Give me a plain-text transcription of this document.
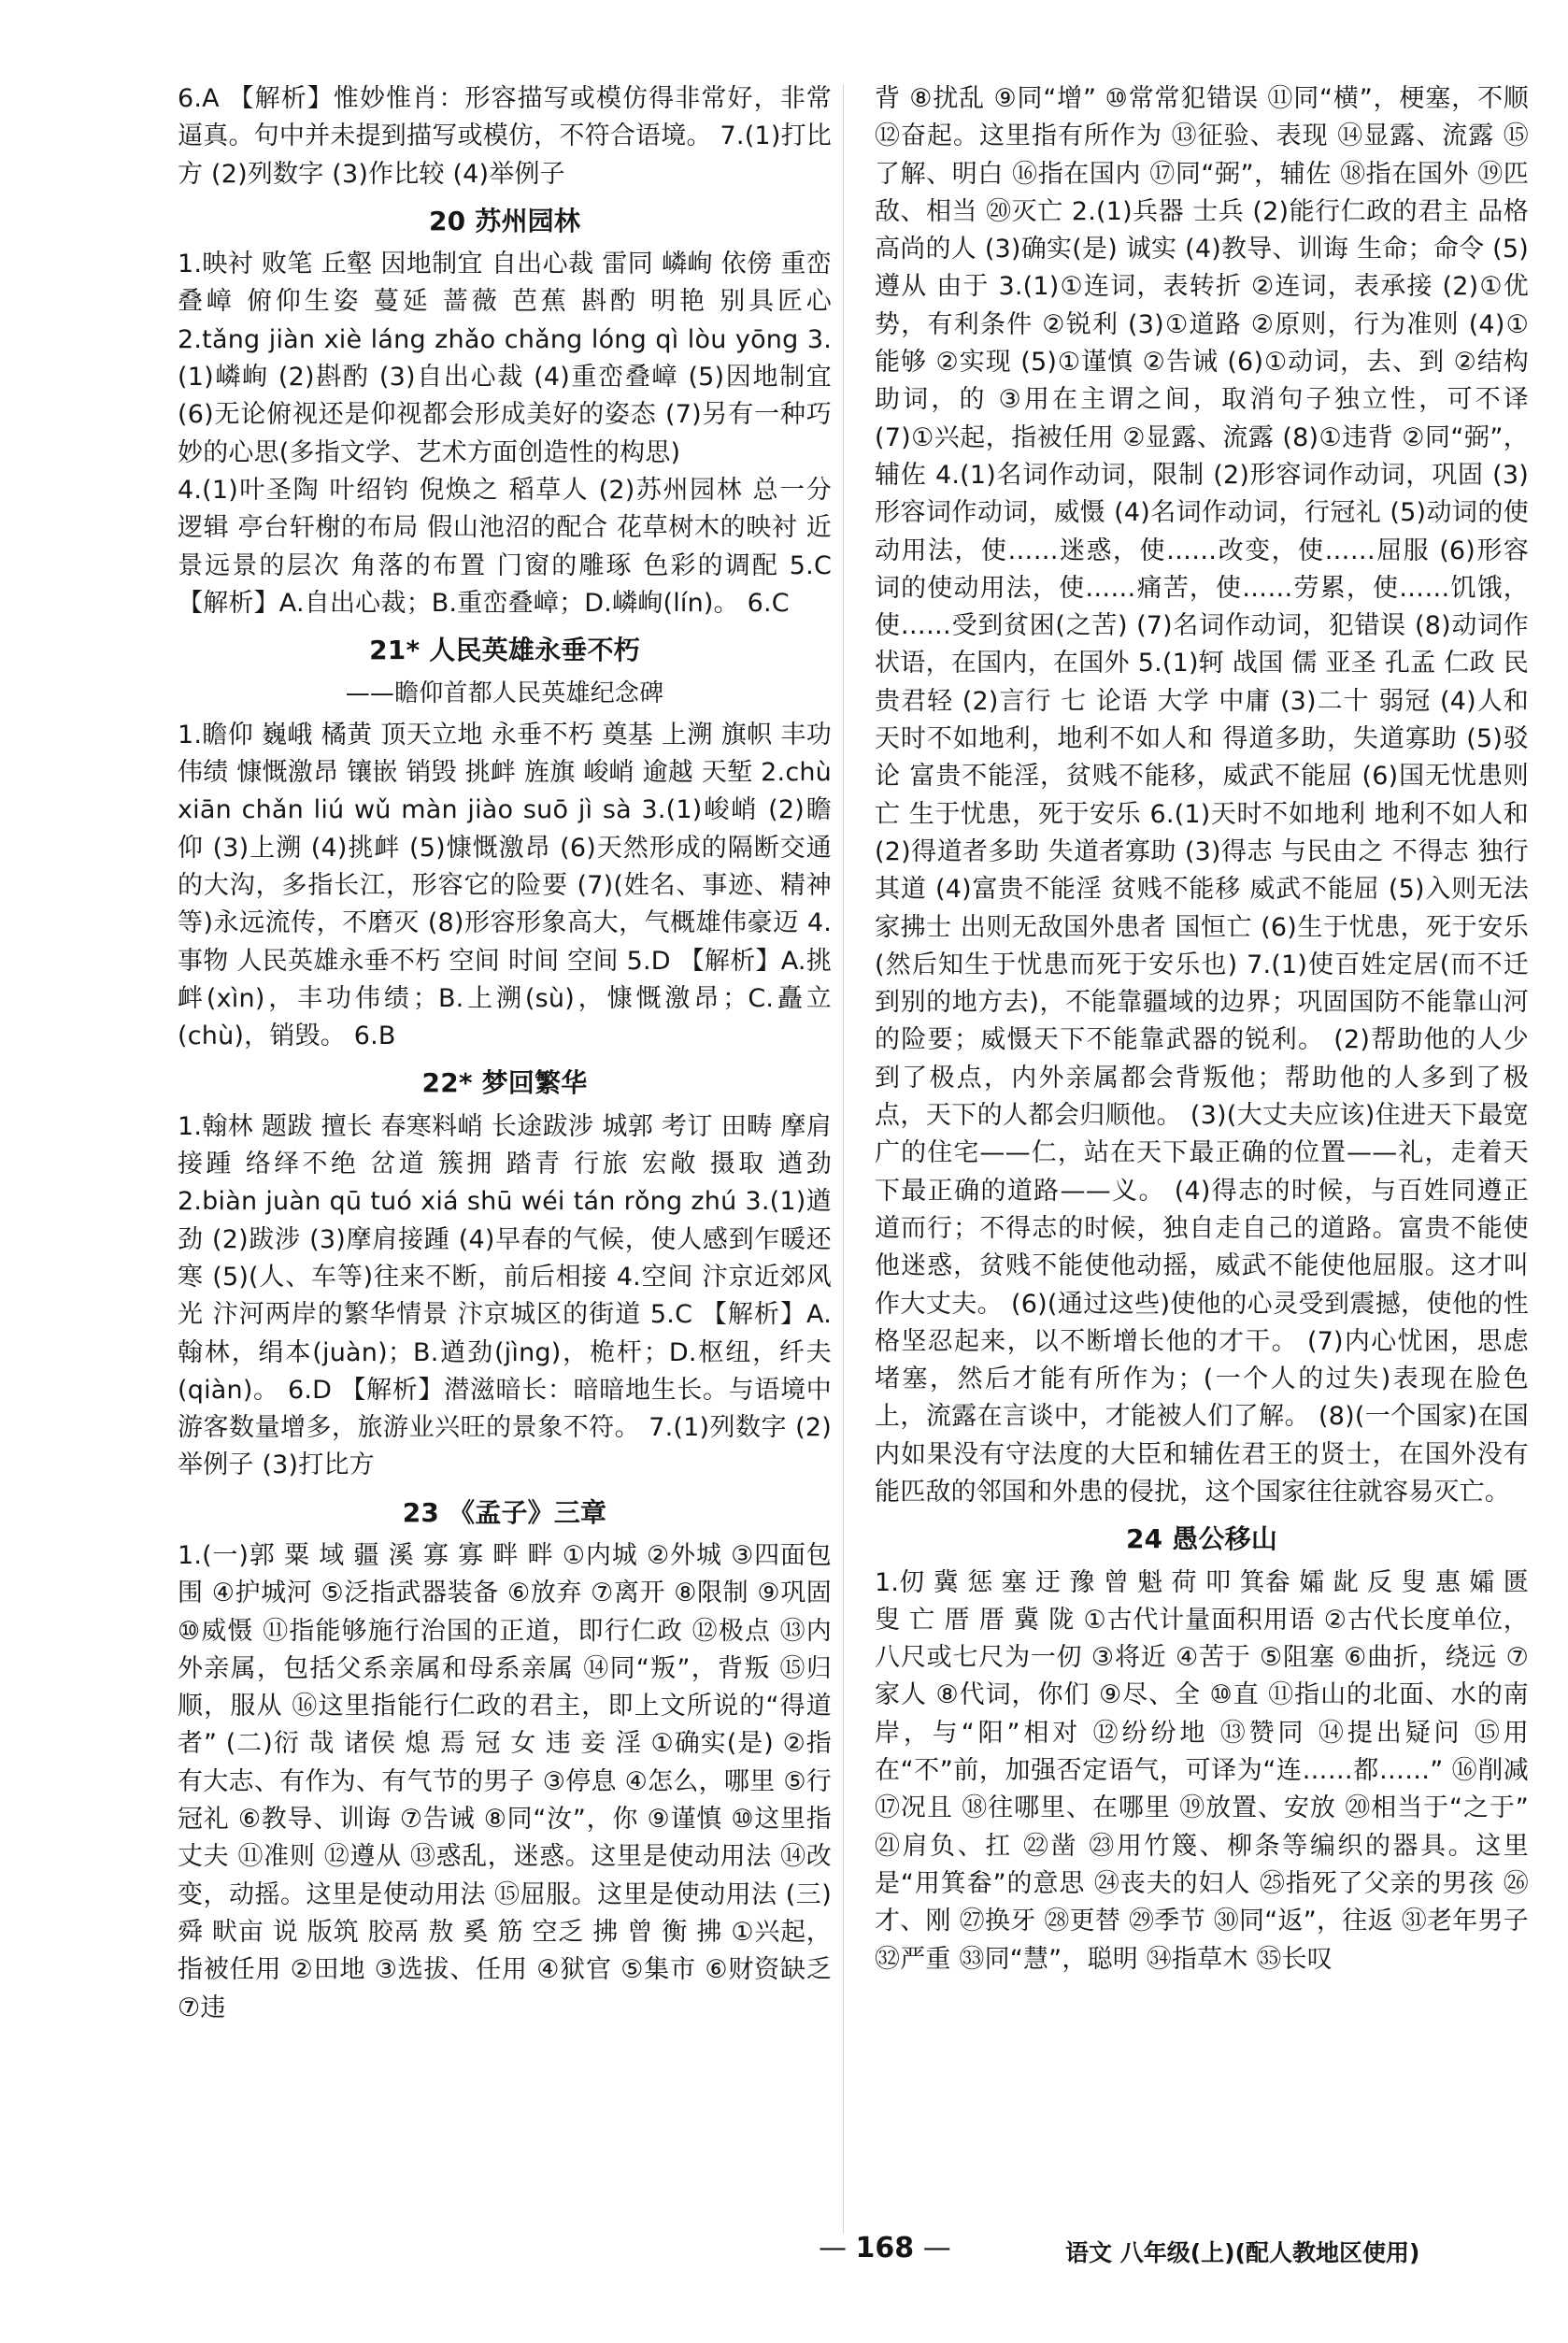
6.A 【解析】惟妙惟肖：形容描写或模仿得非常好，非常逼真。句中并未提到描写或模仿，不符合语境。 7.(1)打比方 (2)列数字 (3)作比较 (4)举例子

20 苏州园林

1.映衬 败笔 丘壑 因地制宜 自出心裁 雷同 嶙峋 依傍 重峦叠嶂 俯仰生姿 蔓延 蔷薇 芭蕉 斟酌 明艳 别具匠心 2.tǎng jiàn xiè láng zhǎo chǎng lóng qì lòu yōng 3.(1)嶙峋 (2)斟酌 (3)自出心裁 (4)重峦叠嶂 (5)因地制宜 (6)无论俯视还是仰视都会形成美好的姿态 (7)另有一种巧妙的心思(多指文学、艺术方面创造性的构思)

4.(1)叶圣陶 叶绍钧 倪焕之 稻草人 (2)苏州园林 总一分 逻辑 亭台轩榭的布局 假山池沼的配合 花草树木的映衬 近景远景的层次 角落的布置 门窗的雕琢 色彩的调配 5.C 【解析】A.自出心裁；B.重峦叠嶂；D.嶙峋(lín)。 6.C

21* 人民英雄永垂不朽
——瞻仰首都人民英雄纪念碑

1.瞻仰 巍峨 橘黄 顶天立地 永垂不朽 奠基 上溯 旗帜 丰功伟绩 慷慨激昂 镶嵌 销毁 挑衅 旌旗 峻峭 逾越 天堑 2.chù xiān chǎn liú wǔ màn jiào suō jì sà 3.(1)峻峭 (2)瞻仰 (3)上溯 (4)挑衅 (5)慷慨激昂 (6)天然形成的隔断交通的大沟，多指长江，形容它的险要 (7)(姓名、事迹、精神等)永远流传，不磨灭 (8)形容形象高大，气概雄伟豪迈 4.事物 人民英雄永垂不朽 空间 时间 空间 5.D 【解析】A.挑衅(xìn)，丰功伟绩；B.上溯(sù)，慷慨激昂；C.矗立(chù)，销毁。 6.B

22* 梦回繁华

1.翰林 题跋 擅长 春寒料峭 长途跋涉 城郭 考订 田畴 摩肩接踵 络绎不绝 岔道 簇拥 踏青 行旅 宏敞 摄取 遒劲 2.biàn juàn qū tuó xiá shū wéi tán rǒng zhú 3.(1)遒劲 (2)跋涉 (3)摩肩接踵 (4)早春的气候，使人感到乍暖还寒 (5)(人、车等)往来不断，前后相接 4.空间 汴京近郊风光 汴河两岸的繁华情景 汴京城区的街道 5.C 【解析】A.翰林，绢本(juàn)；B.遒劲(jìng)，桅杆；D.枢纽，纤夫(qiàn)。 6.D 【解析】潜滋暗长：暗暗地生长。与语境中游客数量增多，旅游业兴旺的景象不符。 7.(1)列数字 (2)举例子 (3)打比方

23 《孟子》三章

1.(一)郭 粟 域 疆 溪 寡 寡 畔 畔 ①内城 ②外城 ③四面包围 ④护城河 ⑤泛指武器装备 ⑥放弃 ⑦离开 ⑧限制 ⑨巩固 ⑩威慑 ⑪指能够施行治国的正道，即行仁政 ⑫极点 ⑬内外亲属，包括父系亲属和母系亲属 ⑭同“叛”，背叛 ⑮归顺，服从 ⑯这里指能行仁政的君主，即上文所说的“得道者” (二)衍 哉 诸侯 熄 焉 冠 女 违 妾 淫 ①确实(是) ②指有大志、有作为、有气节的男子 ③停息 ④怎么，哪里 ⑤行冠礼 ⑥教导、训诲 ⑦告诫 ⑧同“汝”，你 ⑨谨慎 ⑩这里指丈夫 ⑪准则 ⑫遵从 ⑬惑乱，迷惑。这里是使动用法 ⑭改变，动摇。这里是使动用法 ⑮屈服。这里是使动用法 (三)舜 畎亩 说 版筑 胶鬲 敖 奚 筋 空乏 拂 曾 衡 拂 ①兴起，指被任用 ②田地 ③选拔、任用 ④狱官 ⑤集市 ⑥财资缺乏 ⑦违

背 ⑧扰乱 ⑨同“增” ⑩常常犯错误 ⑪同“横”，梗塞，不顺 ⑫奋起。这里指有所作为 ⑬征验、表现 ⑭显露、流露 ⑮了解、明白 ⑯指在国内 ⑰同“弼”，辅佐 ⑱指在国外 ⑲匹敌、相当 ⑳灭亡 2.(1)兵器 士兵 (2)能行仁政的君主 品格高尚的人 (3)确实(是) 诚实 (4)教导、训诲 生命；命令 (5)遵从 由于 3.(1)①连词，表转折 ②连词，表承接 (2)①优势，有利条件 ②锐利 (3)①道路 ②原则，行为准则 (4)①能够 ②实现 (5)①谨慎 ②告诫 (6)①动词，去、到 ②结构助词，的 ③用在主谓之间，取消句子独立性，可不译 (7)①兴起，指被任用 ②显露、流露 (8)①违背 ②同“弼”，辅佐 4.(1)名词作动词，限制 (2)形容词作动词，巩固 (3)形容词作动词，威慑 (4)名词作动词，行冠礼 (5)动词的使动用法，使……迷惑，使……改变，使……屈服 (6)形容词的使动用法，使……痛苦，使……劳累，使……饥饿，使……受到贫困(之苦) (7)名词作动词，犯错误 (8)动词作状语，在国内，在国外 5.(1)轲 战国 儒 亚圣 孔孟 仁政 民贵君轻 (2)言行 七 论语 大学 中庸 (3)二十 弱冠 (4)人和 天时不如地利，地利不如人和 得道多助，失道寡助 (5)驳论 富贵不能淫，贫贱不能移，威武不能屈 (6)国无忧患则亡 生于忧患，死于安乐 6.(1)天时不如地利 地利不如人和 (2)得道者多助 失道者寡助 (3)得志 与民由之 不得志 独行其道 (4)富贵不能淫 贫贱不能移 威武不能屈 (5)入则无法家拂士 出则无敌国外患者 国恒亡 (6)生于忧患，死于安乐(然后知生于忧患而死于安乐也) 7.(1)使百姓定居(而不迁到别的地方去)，不能靠疆域的边界；巩固国防不能靠山河的险要；威慑天下不能靠武器的锐利。 (2)帮助他的人少到了极点，内外亲属都会背叛他；帮助他的人多到了极点，天下的人都会归顺他。 (3)(大丈夫应该)住进天下最宽广的住宅——仁，站在天下最正确的位置——礼，走着天下最正确的道路——义。 (4)得志的时候，与百姓同遵正道而行；不得志的时候，独自走自己的道路。富贵不能使他迷惑，贫贱不能使他动摇，威武不能使他屈服。这才叫作大丈夫。 (6)(通过这些)使他的心灵受到震撼，使他的性格坚忍起来，以不断增长他的才干。 (7)内心忧困，思虑堵塞，然后才能有所作为；(一个人的过失)表现在脸色上，流露在言谈中，才能被人们了解。 (8)(一个国家)在国内如果没有守法度的大臣和辅佐君王的贤士，在国外没有能匹敌的邻国和外患的侵扰，这个国家往往就容易灭亡。

24 愚公移山

1.仞 冀 惩 塞 迂 豫 曾 魁 荷 叩 箕畚 孀 龀 反 叟 惠 孀 匮 叟 亡 厝 厝 冀 陇 ①古代计量面积用语 ②古代长度单位，八尺或七尺为一仞 ③将近 ④苦于 ⑤阻塞 ⑥曲折，绕远 ⑦家人 ⑧代词，你们 ⑨尽、全 ⑩直 ⑪指山的北面、水的南岸，与“阳”相对 ⑫纷纷地 ⑬赞同 ⑭提出疑问 ⑮用在“不”前，加强否定语气，可译为“连……都……” ⑯削减 ⑰况且 ⑱往哪里、在哪里 ⑲放置、安放 ⑳相当于“之于” ㉑肩负、扛 ㉒凿 ㉓用竹篾、柳条等编织的器具。这里是“用箕畚”的意思 ㉔丧夫的妇人 ㉕指死了父亲的男孩 ㉖才、刚 ㉗换牙 ㉘更替 ㉙季节 ㉚同“返”，往返 ㉛老年男子 ㉜严重 ㉝同“慧”，聪明 ㉞指草木 ㉟长叹

— 168 —	语文 八年级(上)(配人教地区使用)
